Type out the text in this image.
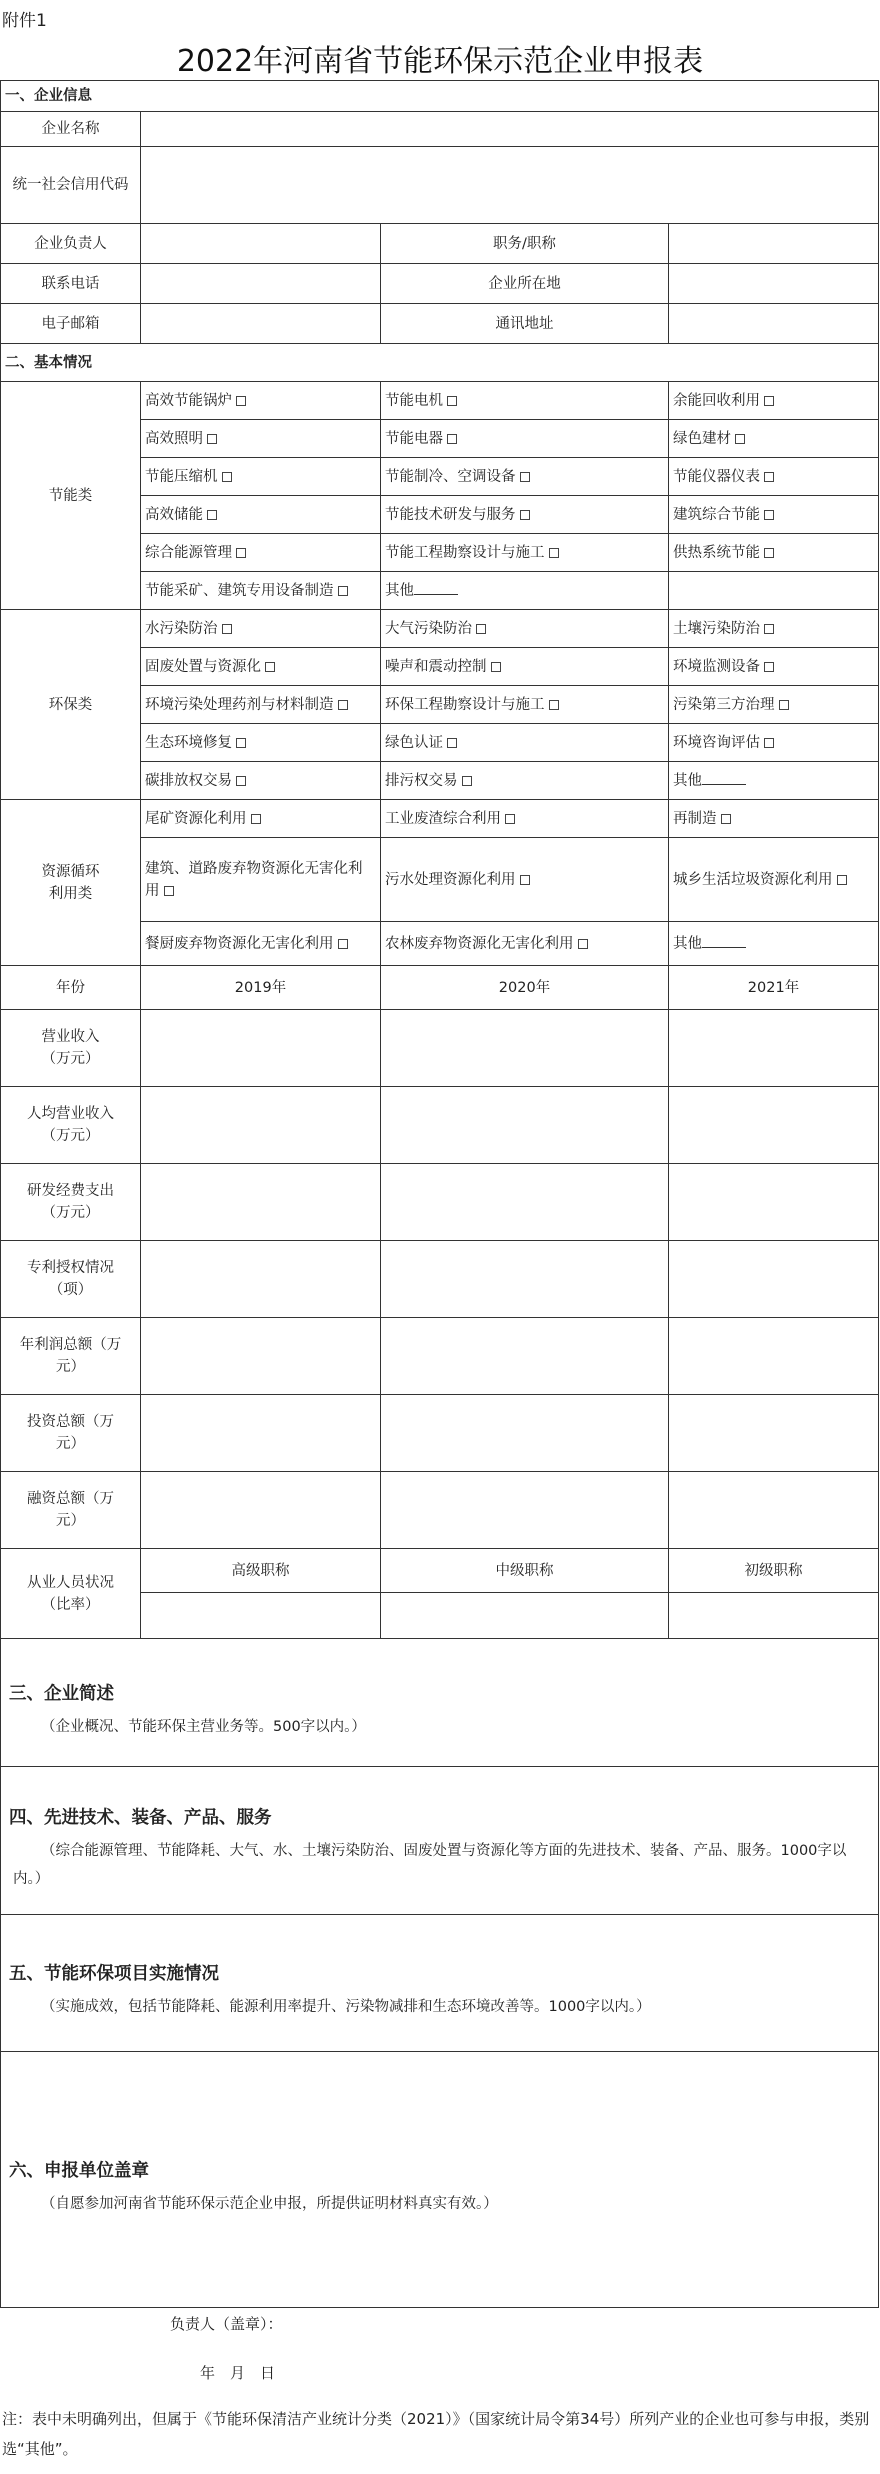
附件1
2022年河南省节能环保示范企业申报表
一、企业信息			
企业名称			
统一社会信用代码			
企业负责人		职务/职称	
联系电话		企业所在地	
电子邮箱		通讯地址	
二、基本情况			
节能类	高效节能锅炉	节能电机	余能回收利用
	高效照明	节能电器	绿色建材
	节能压缩机	节能制冷、空调设备	节能仪器仪表
	高效储能	节能技术研发与服务	建筑综合节能
	综合能源管理	节能工程勘察设计与施工	供热系统节能
	节能采矿、建筑专用设备制造	其他	
环保类	水污染防治	大气污染防治	土壤污染防治
	固废处置与资源化	噪声和震动控制	环境监测设备
	环境污染处理药剂与材料制造	环保工程勘察设计与施工	污染第三方治理
	生态环境修复	绿色认证	环境咨询评估
	碳排放权交易	排污权交易	其他

资源循环
利用类	尾矿资源化利用	工业废渣综合利用	再制造
	建筑、道路废弃物资源化无害化利用	污水处理资源化利用	城乡生活垃圾资源化利用
	餐厨废弃物资源化无害化利用	农林废弃物资源化无害化利用	其他
年份	2019年	2020年	2021年

营业收入
（万元）			

人均营业收入
（万元）			

研发经费支出
（万元）			

专利授权情况
（项）			

年利润总额（万
元）			

投资总额（万
元）			

融资总额（万
元）			

从业人员状况
（比率）	高级职称	中级职称	初级职称

三、企业简述
（企业概况、节能环保主营业务等。500字以内。）			

四、先进技术、装备、产品、服务
（综合能源管理、节能降耗、大气、水、土壤污染防治、固废处置与资源化等方面的先进技术、装备、产品、服务。1000字以内。）			

五、节能环保项目实施情况
（实施成效，包括节能降耗、能源利用率提升、污染物减排和生态环境改善等。1000字以内。）			

六、申报单位盖章
（自愿参加河南省节能环保示范企业申报，所提供证明材料真实有效。）			
负责人（盖章）：
年　月　日
注：表中未明确列出，但属于《节能环保清洁产业统计分类（2021）》（国家统计局令第34号）所列产业的企业也可参与申报，类别选“其他”。
